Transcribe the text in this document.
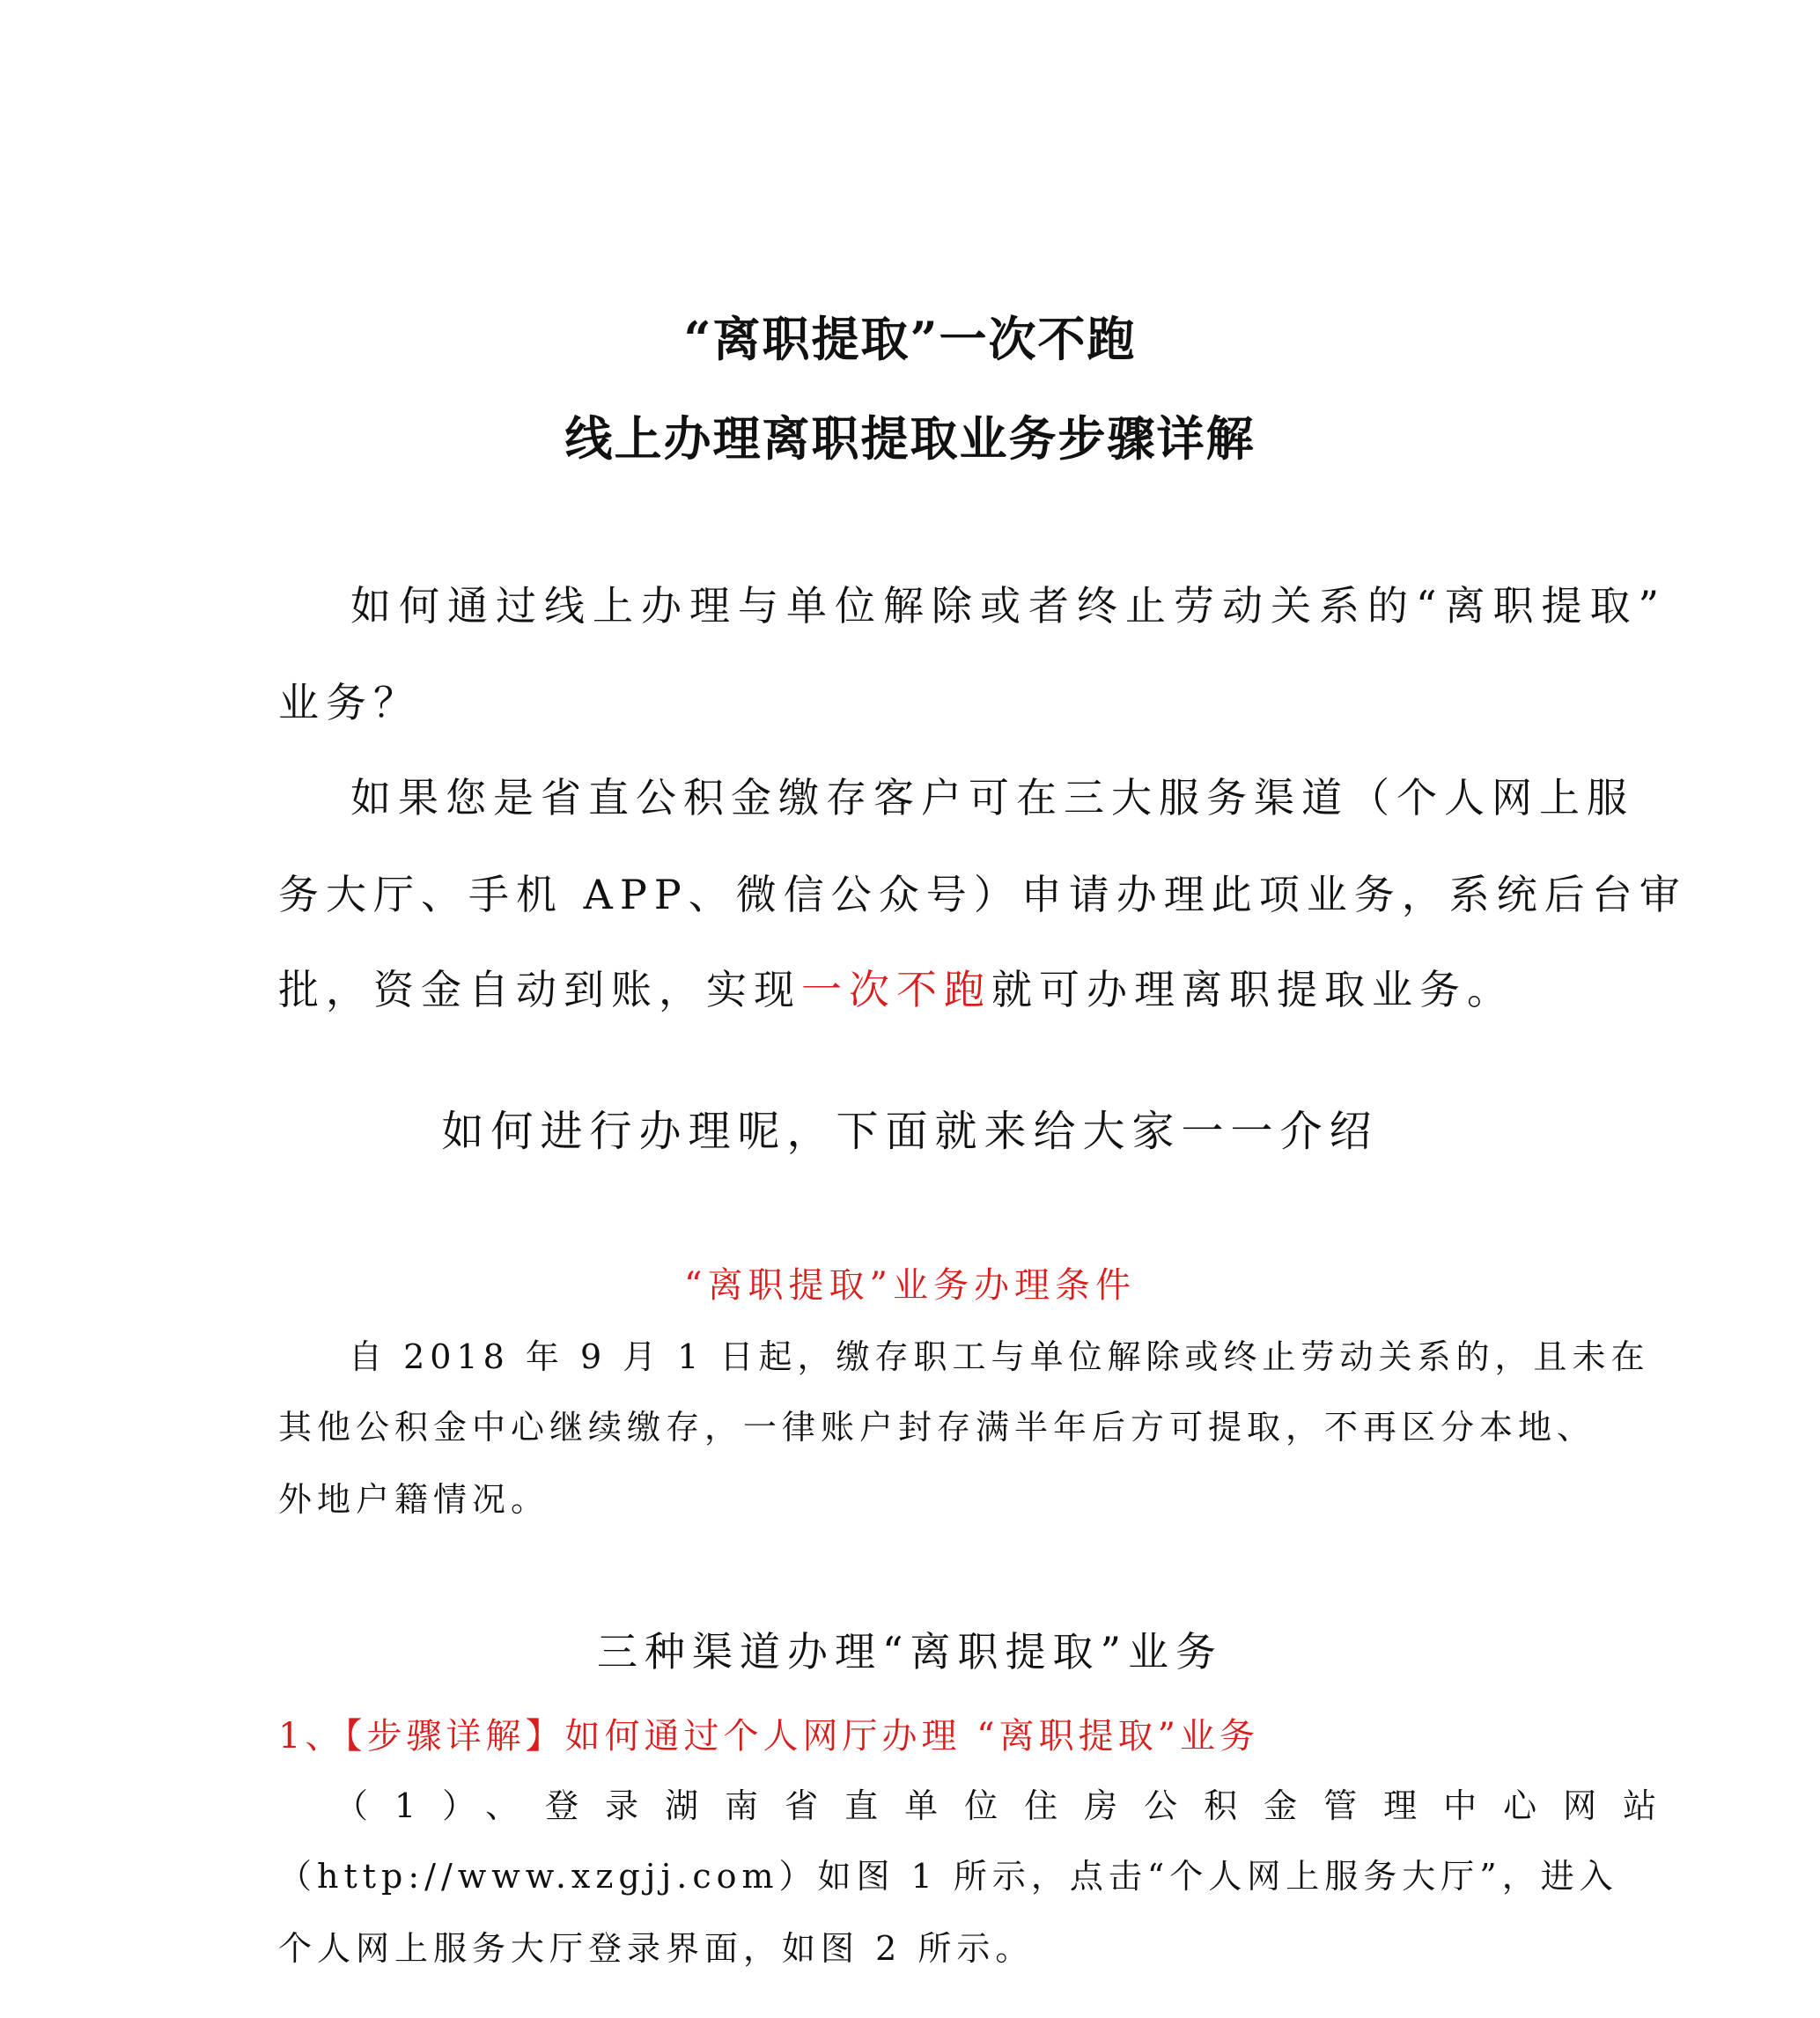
“离职提取”一次不跑
线上办理离职提取业务步骤详解

如何通过线上办理与单位解除或者终止劳动关系的“离职提取”

业务？

如果您是省直公积金缴存客户可在三大服务渠道（个人网上服

务大厅、手机 APP、微信公众号）申请办理此项业务，系统后台审

批，资金自动到账，实现一次不跑就可办理离职提取业务。

如何进行办理呢，下面就来给大家一一介绍

“离职提取”业务办理条件

自 2018 年 9 月 1 日起，缴存职工与单位解除或终止劳动关系的，且未在

其他公积金中心继续缴存，一律账户封存满半年后方可提取，不再区分本地、

外地户籍情况。

三种渠道办理“离职提取”业务

1、【步骤详解】如何通过个人网厅办理 “离职提取”业务

（1）、登录湖南省直单位住房公积金管理中心网站

（http://www.xzgjj.com）如图 1 所示，点击“个人网上服务大厅”，进入

个人网上服务大厅登录界面，如图 2 所示。
